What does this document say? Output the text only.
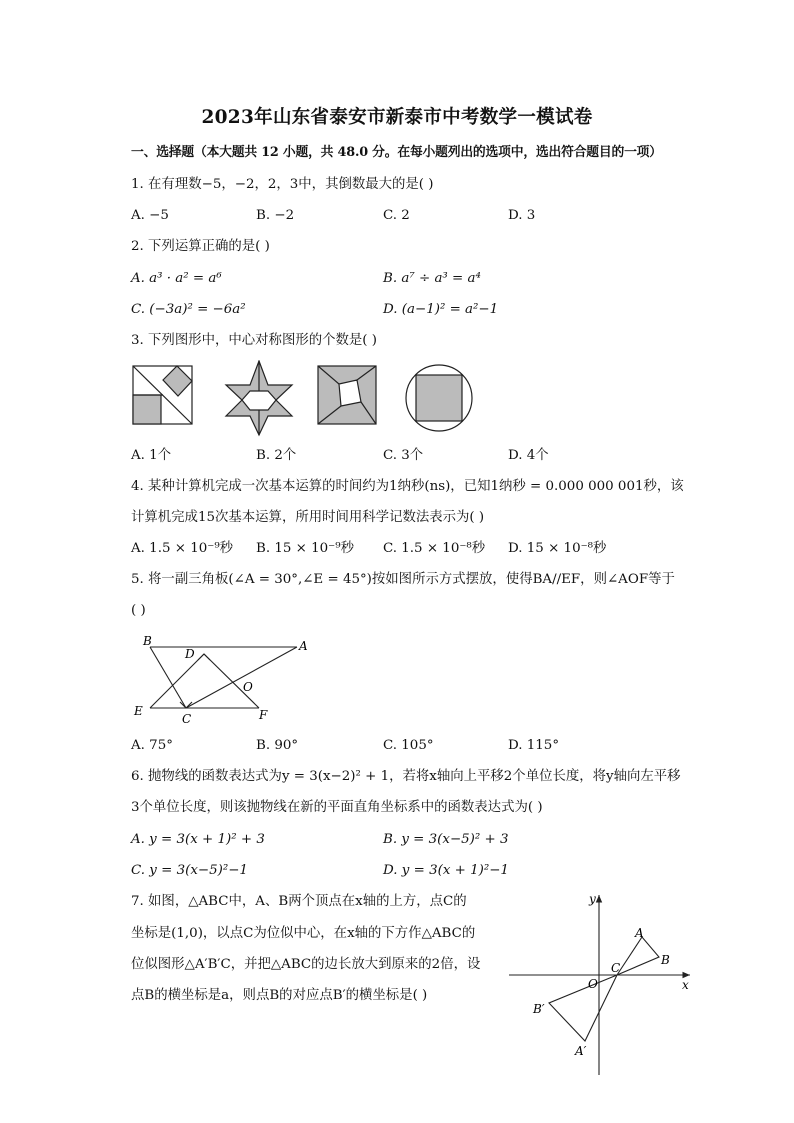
2023年山东省泰安市新泰市中考数学一模试卷
一、选择题（本大题共 12 小题，共 48.0 分。在每小题列出的选项中，选出符合题目的一项）
1. 在有理数−5，−2，2，3中，其倒数最大的是( )
A. −5	B. −2	C. 2	D. 3
2. 下列运算正确的是( )
A. a³ · a² = a⁶	B. a⁷ ÷ a³ = a⁴
C. (−3a)² = −6a²	D. (a−1)² = a²−1
3. 下列图形中，中心对称图形的个数是( )
A. 1个	B. 2个	C. 3个	D. 4个
4. 某种计算机完成一次基本运算的时间约为1纳秒(ns)，已知1纳秒 = 0.000 000 001秒，该
计算机完成15次基本运算，所用时间用科学记数法表示为( )
A. 1.5 × 10⁻⁹秒 B. 15 × 10⁻⁹秒 C. 1.5 × 10⁻⁸秒 D. 15 × 10⁻⁸秒
5. 将一副三角板(∠A = 30°,∠E = 45°)按如图所示方式摆放，使得BA//EF，则∠AOF等于
( )
B
D
A
O
E
C	F
A. 75°	B. 90°	C. 105°	D. 115°
6. 抛物线的函数表达式为y = 3(x−2)² + 1，若将x轴向上平移2个单位长度，将y轴向左平移
3个单位长度，则该抛物线在新的平面直角坐标系中的函数表达式为( )
A. y = 3(x + 1)² + 3	B. y = 3(x−5)² + 3
C. y = 3(x−5)²−1	D. y = 3(x + 1)²−1
7. 如图，△ABC中，A、B两个顶点在x轴的上方，点C的
坐标是(1,0)，以点C为位似中心，在x轴的下方作△ABC的
位似图形△A′B′C，并把△ABC的边长放大到原来的2倍，设
点B的横坐标是a，则点B的对应点B′的横坐标是( )
y
A
B
C
O	x
B′
A′
